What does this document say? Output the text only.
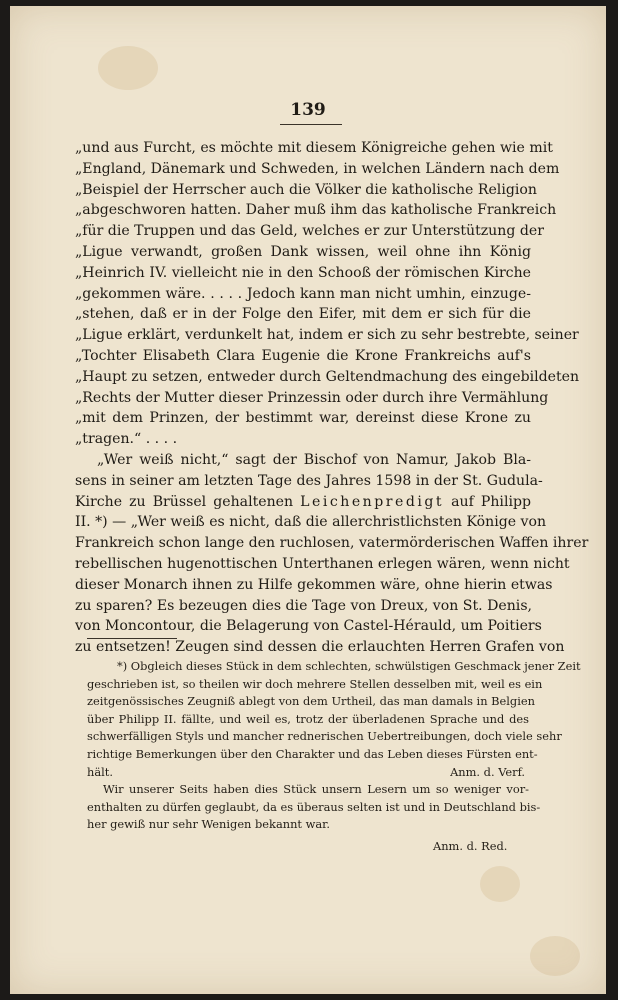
139
„und aus Furcht, es möchte mit diesem Königreiche gehen wie mit
„England, Dänemark und Schweden, in welchen Ländern nach dem
„Beispiel der Herrscher auch die Völker die katholische Religion
„abgeschworen hatten. Daher muß ihm das katholische Frankreich
„für die Truppen und das Geld, welches er zur Unterstützung der
„Ligue verwandt, großen Dank wissen, weil ohne ihn König
„Heinrich IV. vielleicht nie in den Schooß der römischen Kirche
„gekommen wäre. . . . . Jedoch kann man nicht umhin, einzuge-
„stehen, daß er in der Folge den Eifer, mit dem er sich für die
„Ligue erklärt, verdunkelt hat, indem er sich zu sehr bestrebte, seiner
„Tochter Elisabeth Clara Eugenie die Krone Frankreichs auf's
„Haupt zu setzen, entweder durch Geltendmachung des eingebildeten
„Rechts der Mutter dieser Prinzessin oder durch ihre Vermählung
„mit dem Prinzen, der bestimmt war, dereinst diese Krone zu
„tragen.“ . . . .
„Wer weiß nicht,“ sagt der Bischof von Namur, Jakob Bla-
sens in seiner am letzten Tage des Jahres 1598 in der St. Gudula-
Kirche zu Brüssel gehaltenen Leichenpredigt auf Philipp
II. *) — „Wer weiß es nicht, daß die allerchristlichsten Könige von
Frankreich schon lange den ruchlosen, vatermörderischen Waffen ihrer
rebellischen hugenottischen Unterthanen erlegen wären, wenn nicht
dieser Monarch ihnen zu Hilfe gekommen wäre, ohne hierin etwas
zu sparen? Es bezeugen dies die Tage von Dreux, von St. Denis,
von Moncontour, die Belagerung von Castel-Hérauld, um Poitiers
zu entsetzen! Zeugen sind dessen die erlauchten Herren Grafen von
*) Obgleich dieses Stück in dem schlechten, schwülstigen Geschmack jener Zeit
geschrieben ist, so theilen wir doch mehrere Stellen desselben mit, weil es ein
zeitgenössisches Zeugniß ablegt von dem Urtheil, das man damals in Belgien
über Philipp II. fällte, und weil es, trotz der überladenen Sprache und des
schwerfälligen Styls und mancher rednerischen Uebertreibungen, doch viele sehr
richtige Bemerkungen über den Charakter und das Leben dieses Fürsten ent-
hält.	Anm. d. Verf.
Wir unserer Seits haben dies Stück unsern Lesern um so weniger vor-
enthalten zu dürfen geglaubt, da es überaus selten ist und in Deutschland bis-
her gewiß nur sehr Wenigen bekannt war.
Anm. d. Red.
